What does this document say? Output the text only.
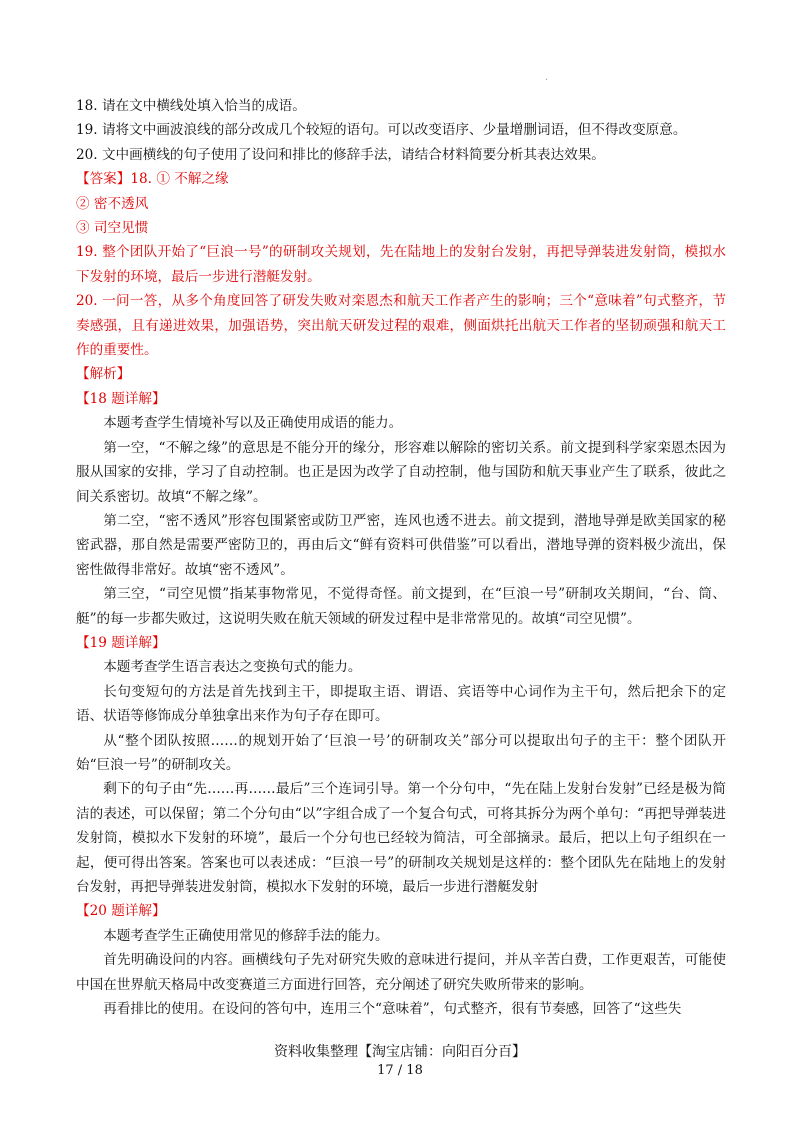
.

18. 请在文中横线处填入恰当的成语。

19. 请将文中画波浪线的部分改成几个较短的语句。可以改变语序、少量增删词语，但不得改变原意。

20. 文中画横线的句子使用了设问和排比的修辞手法，请结合材料简要分析其表达效果。

【答案】18. ① 不解之缘

② 密不透风

③ 司空见惯

19. 整个团队开始了“巨浪一号”的研制攻关规划，先在陆地上的发射台发射，再把导弹装进发射筒，模拟水下发射的环境，最后一步进行潜艇发射。

20. 一问一答，从多个角度回答了研发失败对栾恩杰和航天工作者产生的影响；三个“意味着”句式整齐，节奏感强，且有递进效果，加强语势，突出航天研发过程的艰难，侧面烘托出航天工作者的坚韧顽强和航天工作的重要性。

【解析】

【18 题详解】

本题考查学生情境补写以及正确使用成语的能力。

第一空，“不解之缘”的意思是不能分开的缘分，形容难以解除的密切关系。前文提到科学家栾恩杰因为服从国家的安排，学习了自动控制。也正是因为改学了自动控制，他与国防和航天事业产生了联系，彼此之间关系密切。故填“不解之缘”。

第二空，“密不透风”形容包围紧密或防卫严密，连风也透不进去。前文提到，潜地导弹是欧美国家的秘密武器，那自然是需要严密防卫的，再由后文“鲜有资料可供借鉴”可以看出，潜地导弹的资料极少流出，保密性做得非常好。故填“密不透风”。

第三空，“司空见惯”指某事物常见，不觉得奇怪。前文提到，在“巨浪一号”研制攻关期间，“台、筒、艇”的每一步都失败过，这说明失败在航天领域的研发过程中是非常常见的。故填“司空见惯”。

【19 题详解】

本题考查学生语言表达之变换句式的能力。

长句变短句的方法是首先找到主干，即提取主语、谓语、宾语等中心词作为主干句，然后把余下的定语、状语等修饰成分单独拿出来作为句子存在即可。

从“整个团队按照……的规划开始了‘巨浪一号’的研制攻关”部分可以提取出句子的主干：整个团队开始“巨浪一号”的研制攻关。

剩下的句子由“先……再……最后”三个连词引导。第一个分句中，“先在陆上发射台发射”已经是极为简洁的表述，可以保留；第二个分句由“以”字组合成了一个复合句式，可将其拆分为两个单句：“再把导弹装进发射筒，模拟水下发射的环境”，最后一个分句也已经较为简洁，可全部摘录。最后，把以上句子组织在一起，便可得出答案。答案也可以表述成：“巨浪一号”的研制攻关规划是这样的：整个团队先在陆地上的发射台发射，再把导弹装进发射筒，模拟水下发射的环境，最后一步进行潜艇发射

【20 题详解】

本题考查学生正确使用常见的修辞手法的能力。

首先明确设问的内容。画横线句子先对研究失败的意味进行提问，并从辛苦白费，工作更艰苦，可能使中国在世界航天格局中改变赛道三方面进行回答，充分阐述了研究失败所带来的影响。

再看排比的使用。在设问的答句中，连用三个“意味着”，句式整齐，很有节奏感，回答了“这些失

资料收集整理【淘宝店铺：向阳百分百】
17 / 18
